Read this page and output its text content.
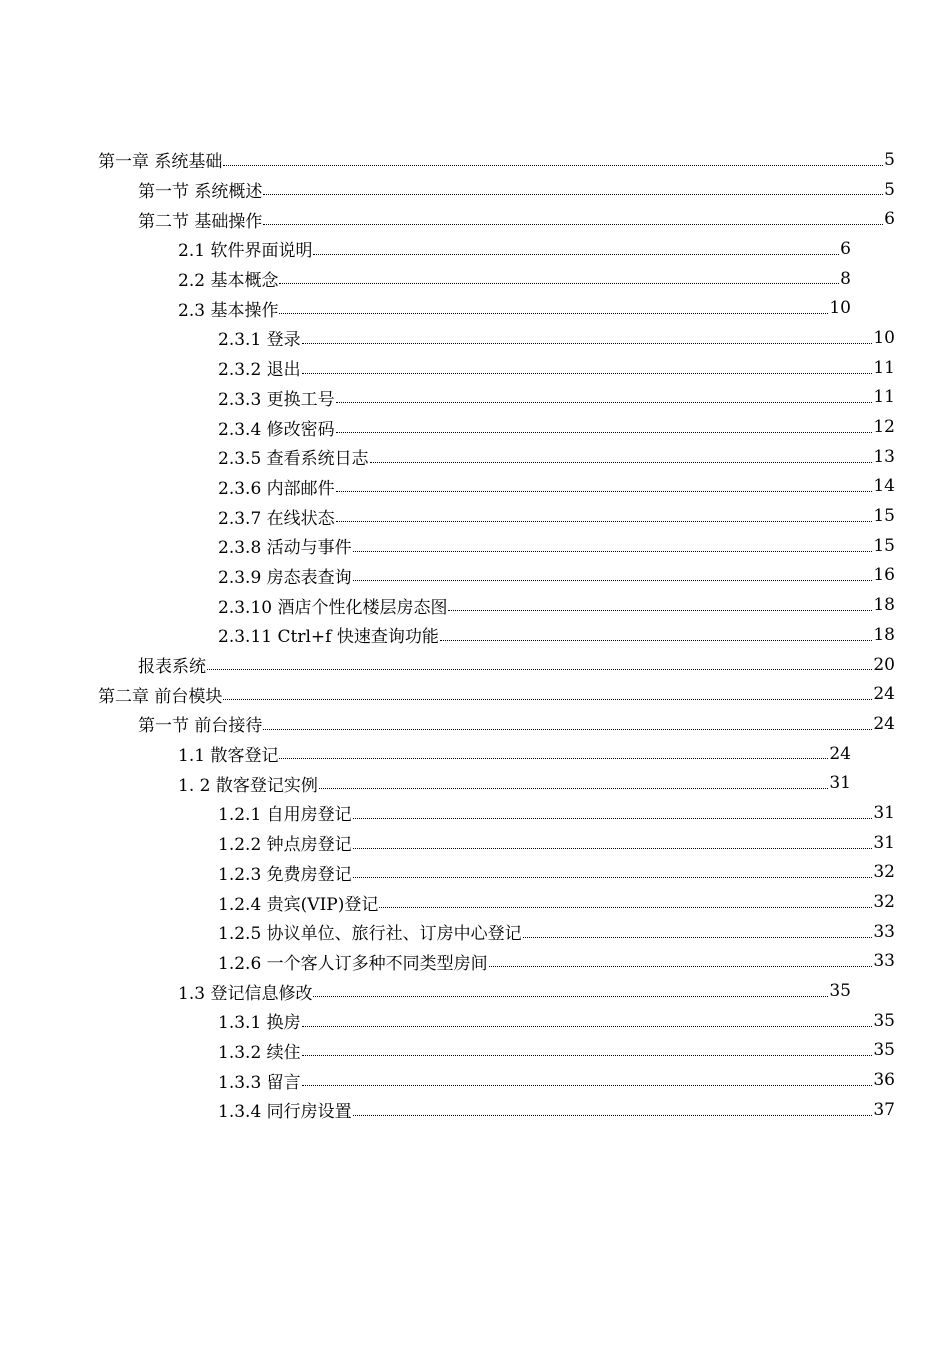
第一章 系统基础	5
第一节 系统概述	5
第二节 基础操作	6
2.1 软件界面说明	6
2.2 基本概念	8
2.3 基本操作	10
2.3.1 登录	10
2.3.2 退出	11
2.3.3 更换工号	11
2.3.4 修改密码	12
2.3.5 查看系统日志	13
2.3.6 内部邮件	14
2.3.7 在线状态	15
2.3.8 活动与事件	15
2.3.9 房态表查询	16
2.3.10 酒店个性化楼层房态图	18
2.3.11 Ctrl+f 快速查询功能	18
报表系统	20
第二章 前台模块	24
第一节 前台接待	24
1.1 散客登记	24
1. 2 散客登记实例	31
1.2.1 自用房登记	31
1.2.2 钟点房登记	31
1.2.3 免费房登记	32
1.2.4 贵宾(VIP)登记	32
1.2.5 协议单位、旅行社、订房中心登记	33
1.2.6 一个客人订多种不同类型房间	33
1.3 登记信息修改	35
1.3.1 换房	35
1.3.2 续住	35
1.3.3 留言	36
1.3.4 同行房设置	37
